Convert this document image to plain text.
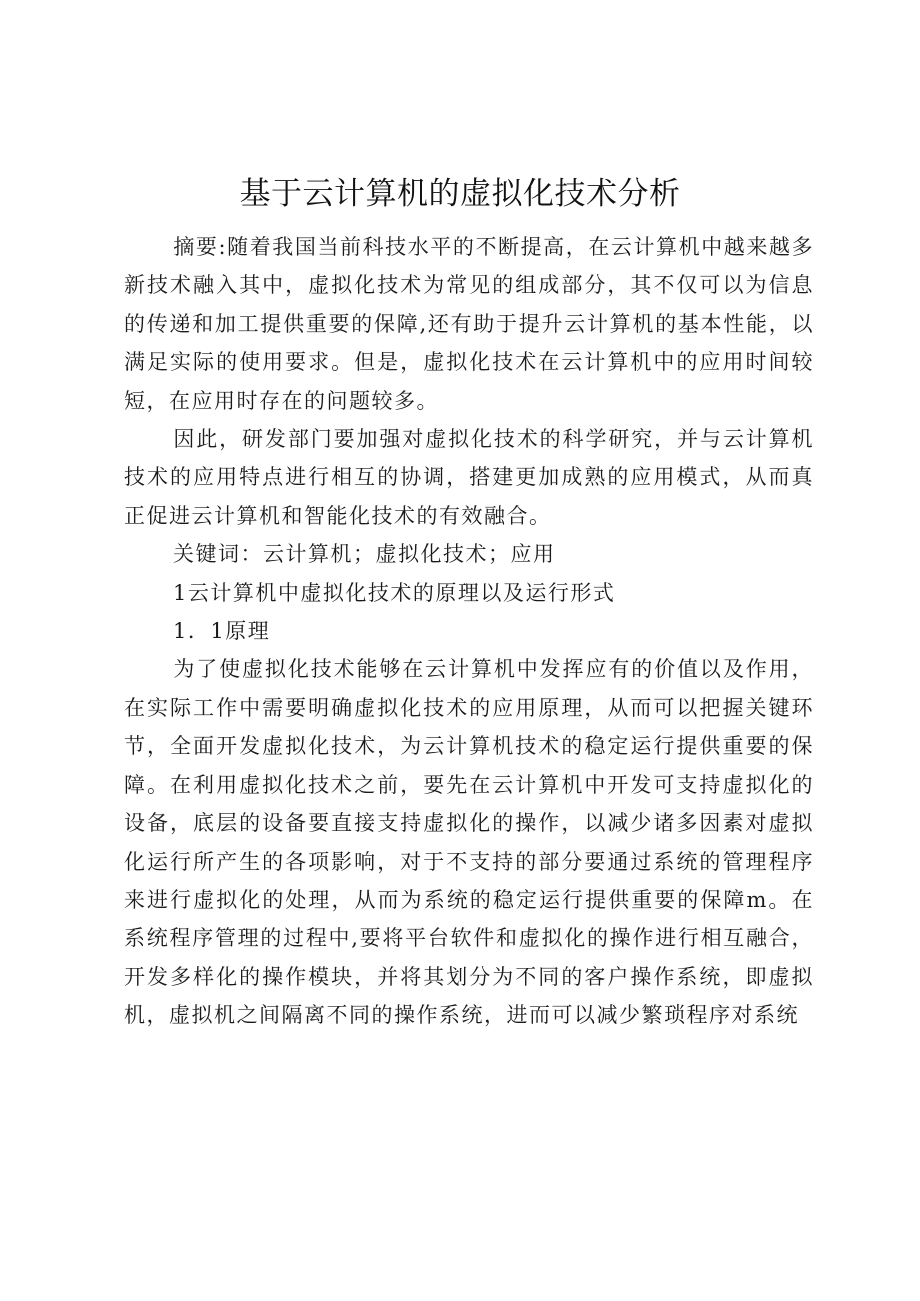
基于云计算机的虚拟化技术分析

摘要:随着我国当前科技水平的不断提高，在云计算机中越来越多新技术融入其中，虚拟化技术为常见的组成部分，其不仅可以为信息的传递和加工提供重要的保障,还有助于提升云计算机的基本性能，以满足实际的使用要求。但是，虚拟化技术在云计算机中的应用时间较短，在应用时存在的问题较多。

因此，研发部门要加强对虚拟化技术的科学研究，并与云计算机技术的应用特点进行相互的协调，搭建更加成熟的应用模式，从而真正促进云计算机和智能化技术的有效融合。

关键词：云计算机；虚拟化技术；应用

1云计算机中虚拟化技术的原理以及运行形式

1．1原理

为了使虚拟化技术能够在云计算机中发挥应有的价值以及作用，在实际工作中需要明确虚拟化技术的应用原理，从而可以把握关键环节，全面开发虚拟化技术，为云计算机技术的稳定运行提供重要的保障。在利用虚拟化技术之前，要先在云计算机中开发可支持虚拟化的设备，底层的设备要直接支持虚拟化的操作，以减少诸多因素对虚拟化运行所产生的各项影响，对于不支持的部分要通过系统的管理程序来进行虚拟化的处理，从而为系统的稳定运行提供重要的保障m。在系统程序管理的过程中,要将平台软件和虚拟化的操作进行相互融合，开发多样化的操作模块，并将其划分为不同的客户操作系统，即虚拟机，虚拟机之间隔离不同的操作系统，进而可以减少繁琐程序对系统
